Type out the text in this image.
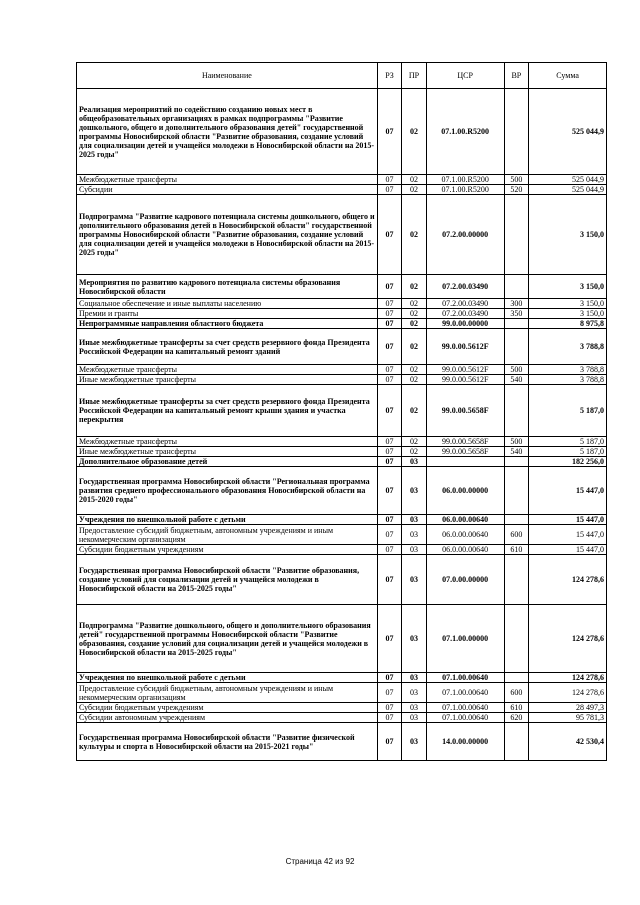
Наименование	РЗ	ПР	ЦСР	ВР	Сумма
Реализация мероприятий по содействию созданию новых мест в общеобразовательных организациях в рамках подпрограммы "Развитие дошкольного, общего и дополнительного образования детей" государственной программы Новосибирской области "Развитие образования, создание условий для социализации детей и учащейся молодежи в Новосибирской области на 2015-2025 годы"	07	02	07.1.00.R5200		525 044,9
Межбюджетные трансферты	07	02	07.1.00.R5200	500	525 044,9
Субсидии	07	02	07.1.00.R5200	520	525 044,9
Подпрограмма "Развитие кадрового потенциала системы дошкольного, общего и дополнительного образования детей в Новосибирской области" государственной программы Новосибирской области "Развитие образования, создание условий для социализации детей и учащейся молодежи в Новосибирской области на 2015-2025 годы"	07	02	07.2.00.00000		3 150,0
Мероприятия по развитию кадрового потенциала системы образования Новосибирской области	07	02	07.2.00.03490		3 150,0
Социальное обеспечение и иные выплаты населению	07	02	07.2.00.03490	300	3 150,0
Премии и гранты	07	02	07.2.00.03490	350	3 150,0
Непрограммные направления областного бюджета	07	02	99.0.00.00000		8 975,8
Иные межбюджетные трансферты за счет средств резервного фонда Президента Российской Федерации на капитальный ремонт зданий	07	02	99.0.00.5612F		3 788,8
Межбюджетные трансферты	07	02	99.0.00.5612F	500	3 788,8
Иные межбюджетные трансферты	07	02	99.0.00.5612F	540	3 788,8
Иные межбюджетные трансферты за счет средств резервного фонда Президента Российской Федерации на капитальный ремонт крыши здания и участка перекрытия	07	02	99.0.00.5658F		5 187,0
Межбюджетные трансферты	07	02	99.0.00.5658F	500	5 187,0
Иные межбюджетные трансферты	07	02	99.0.00.5658F	540	5 187,0
Дополнительное образование детей	07	03			182 256,0
Государственная программа Новосибирской области "Региональная программа развития среднего профессионального образования Новосибирской области на 2015-2020 годы"	07	03	06.0.00.00000		15 447,0
Учреждения по внешкольной работе с детьми	07	03	06.0.00.00640		15 447,0
Предоставление субсидий бюджетным, автономным учреждениям и иным некоммерческим организациям	07	03	06.0.00.00640	600	15 447,0
Субсидии бюджетным учреждениям	07	03	06.0.00.00640	610	15 447,0
Государственная программа Новосибирской области "Развитие образования, создание условий для социализации детей и учащейся молодежи в Новосибирской области на 2015-2025 годы"	07	03	07.0.00.00000		124 278,6
Подпрограмма "Развитие дошкольного, общего и дополнительного образования детей" государственной программы Новосибирской области "Развитие образования, создание условий для социализации детей и учащейся молодежи в Новосибирской области на 2015-2025 годы"	07	03	07.1.00.00000		124 278,6
Учреждения по внешкольной работе с детьми	07	03	07.1.00.00640		124 278,6
Предоставление субсидий бюджетным, автономным учреждениям и иным некоммерческим организациям	07	03	07.1.00.00640	600	124 278,6
Субсидии бюджетным учреждениям	07	03	07.1.00.00640	610	28 497,3
Субсидии автономным учреждениям	07	03	07.1.00.00640	620	95 781,3
Государственная программа Новосибирской области "Развитие физической культуры и спорта в Новосибирской области на 2015-2021 годы"	07	03	14.0.00.00000		42 530,4
Страница 42 из 92
